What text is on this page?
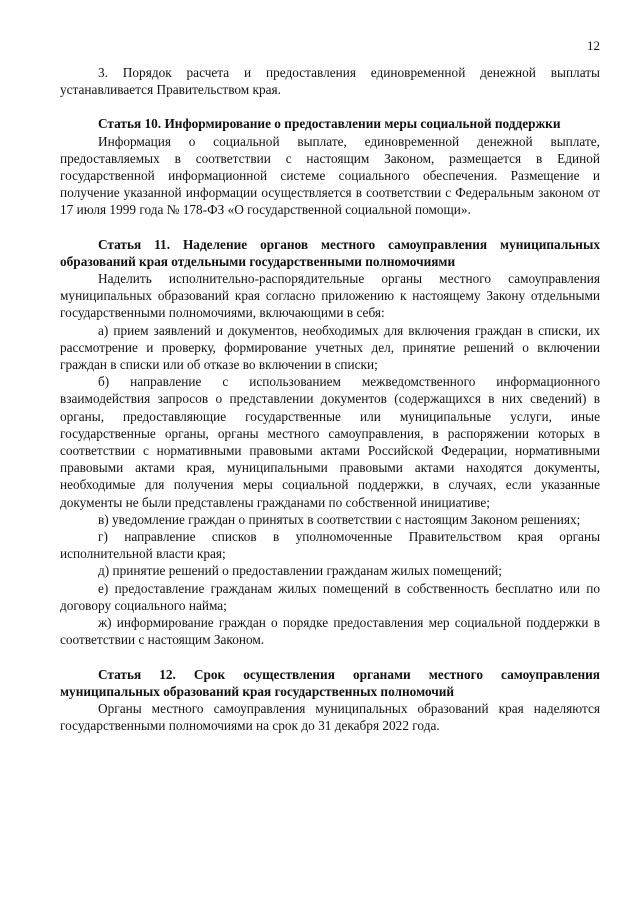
12

3. Порядок расчета и предоставления единовременной денежной выплаты устанавливается Правительством края.

Статья 10. Информирование о предоставлении меры социальной поддержки

Информация о социальной выплате, единовременной денежной выплате, предоставляемых в соответствии с настоящим Законом, размещается в Единой государственной информационной системе социального обеспечения. Размещение и получение указанной информации осуществляется в соответствии с Федеральным законом от 17 июля 1999 года № 178-ФЗ «О государственной социальной помощи».

Статья 11. Наделение органов местного самоуправления муниципальных образований края отдельными государственными полномочиями

Наделить исполнительно-распорядительные органы местного самоуправления муниципальных образований края согласно приложению к настоящему Закону отдельными государственными полномочиями, включающими в себя:

а) прием заявлений и документов, необходимых для включения граждан в списки, их рассмотрение и проверку, формирование учетных дел, принятие решений о включении граждан в списки или об отказе во включении в списки;

б) направление с использованием межведомственного информационного взаимодействия запросов о представлении документов (содержащихся в них сведений) в органы, предоставляющие государственные или муниципальные услуги, иные государственные органы, органы местного самоуправления, в распоряжении которых в соответствии с нормативными правовыми актами Российской Федерации, нормативными правовыми актами края, муниципальными правовыми актами находятся документы, необходимые для получения меры социальной поддержки, в случаях, если указанные документы не были представлены гражданами по собственной инициативе;

в) уведомление граждан о принятых в соответствии с настоящим Законом решениях;

г) направление списков в уполномоченные Правительством края органы исполнительной власти края;

д) принятие решений о предоставлении гражданам жилых помещений;

е) предоставление гражданам жилых помещений в собственность бесплатно или по договору социального найма;

ж) информирование граждан о порядке предоставления мер социальной поддержки в соответствии с настоящим Законом.

Статья 12. Срок осуществления органами местного самоуправления муниципальных образований края государственных полномочий

Органы местного самоуправления муниципальных образований края наделяются государственными полномочиями на срок до 31 декабря 2022 года.
